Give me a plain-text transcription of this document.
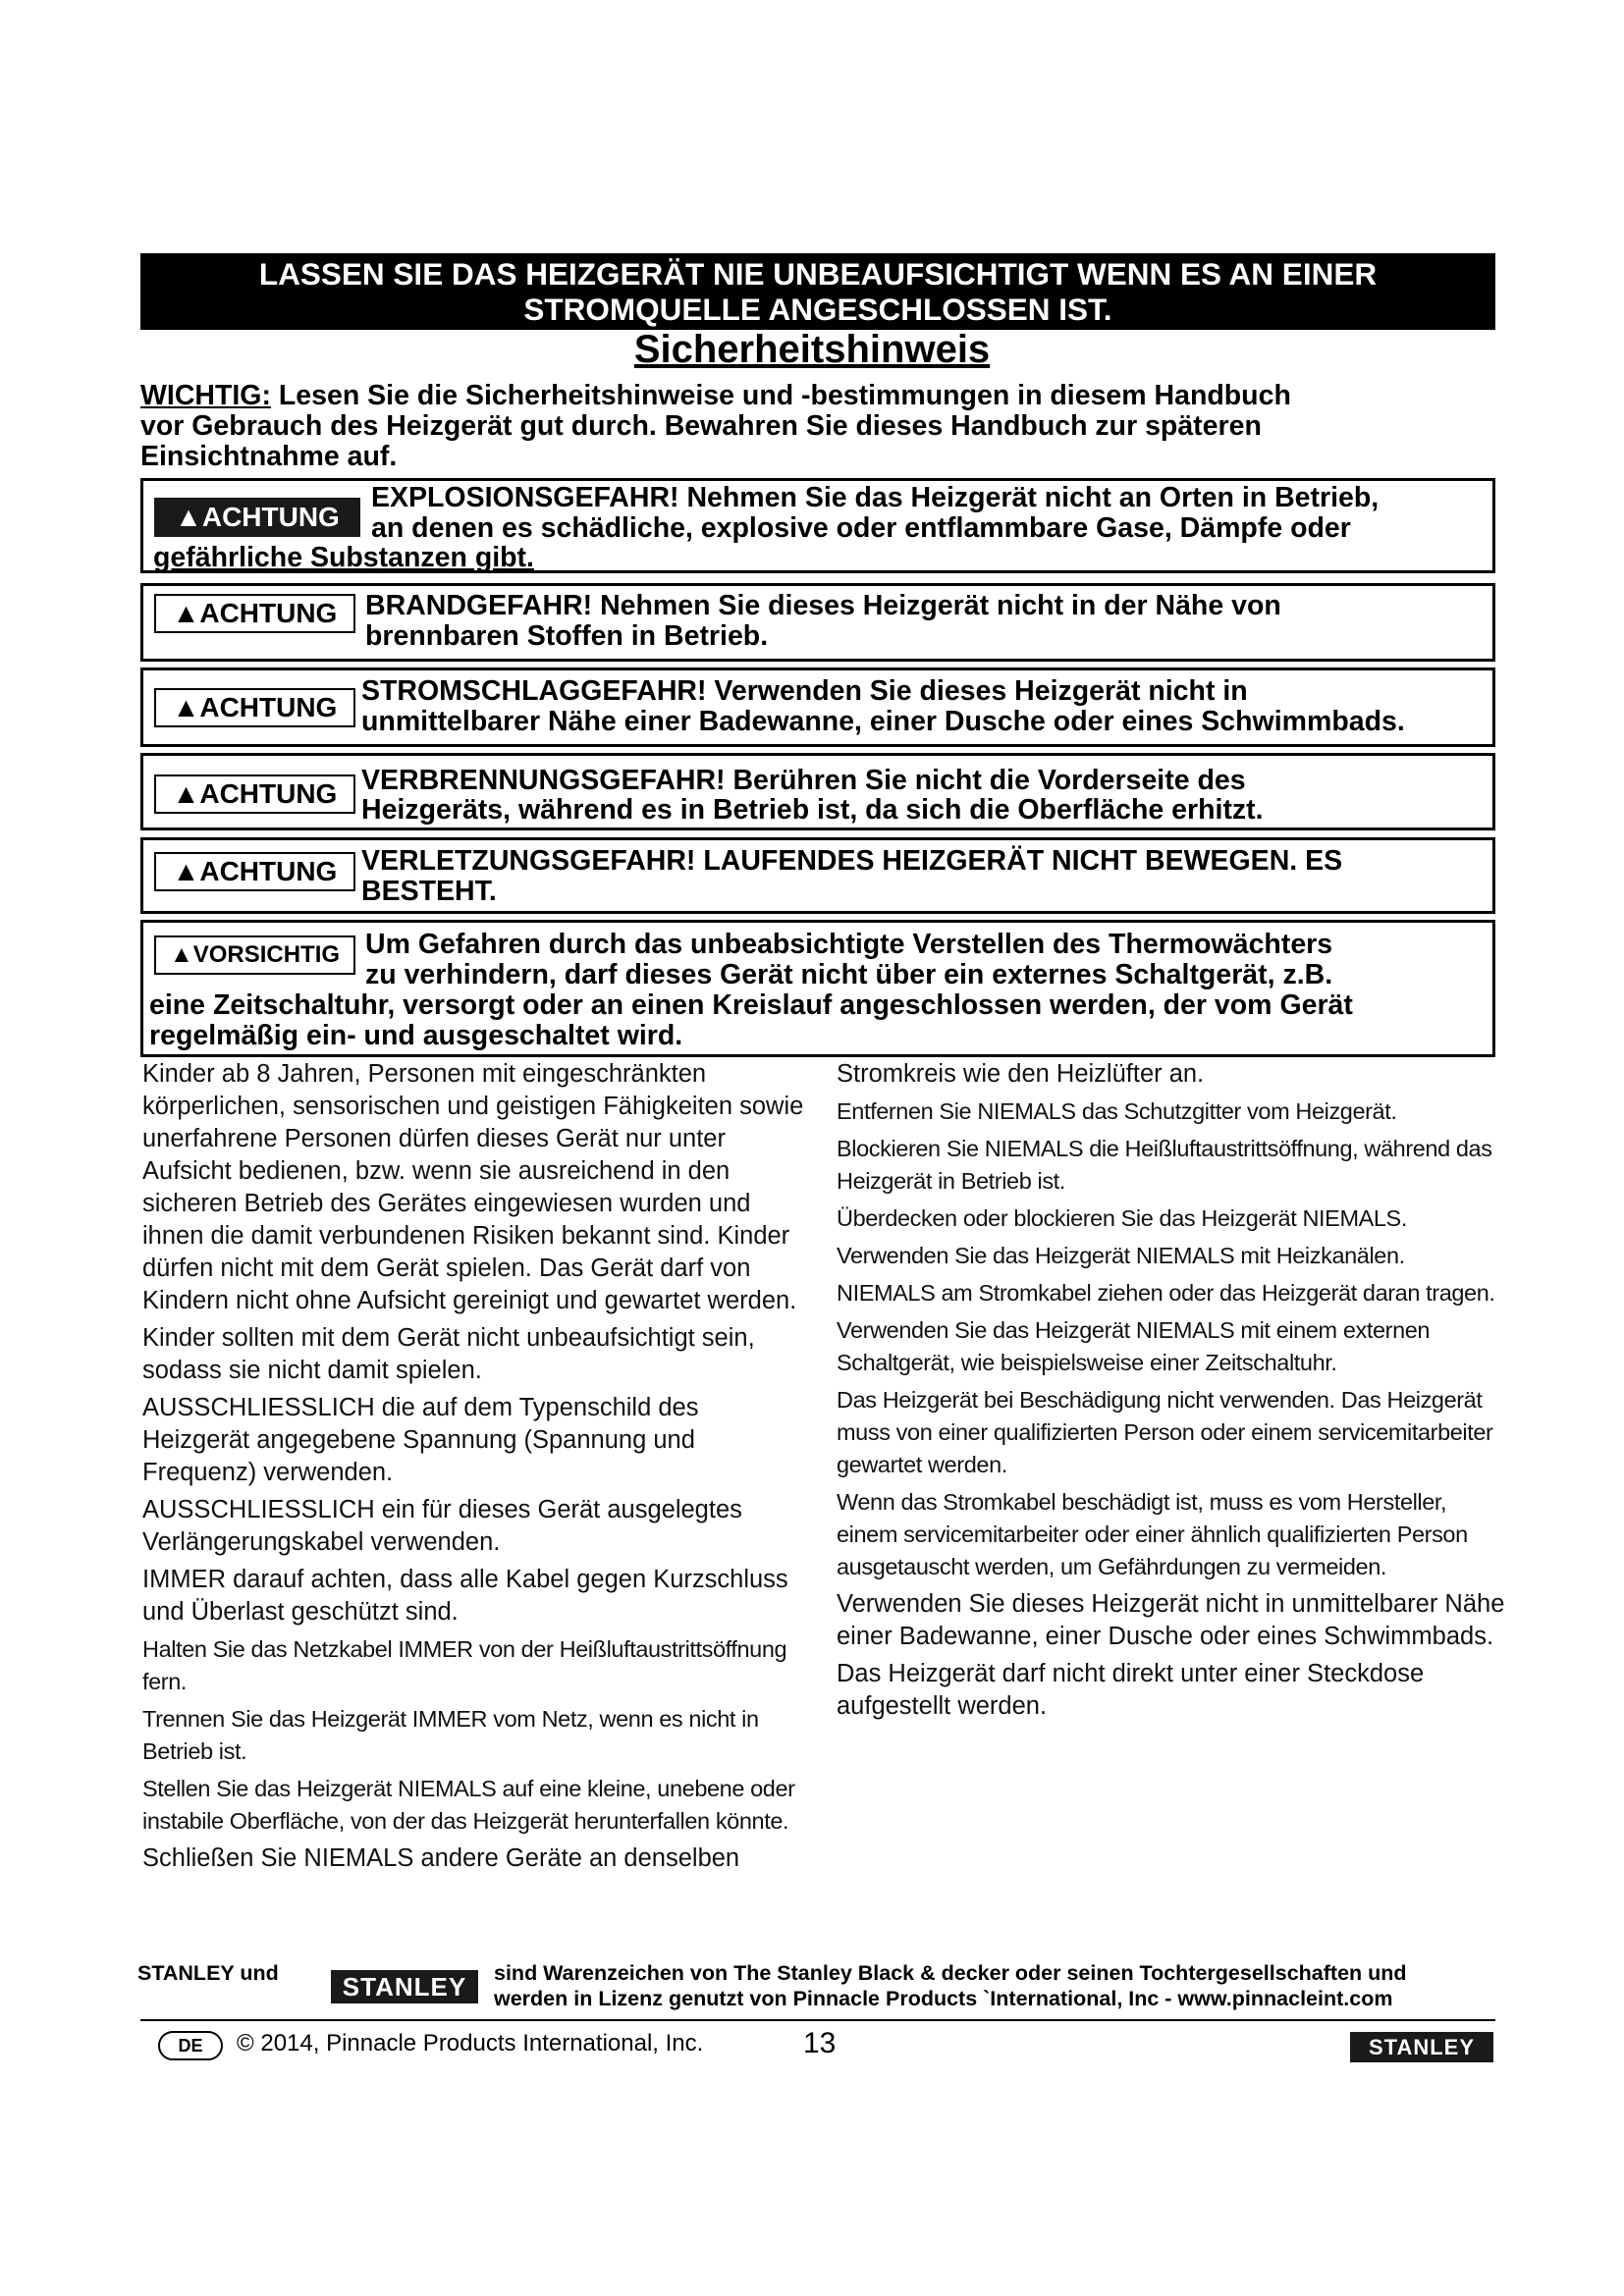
LASSEN SIE DAS HEIZGERÄT NIE UNBEAUFSICHTIGT WENN ES AN EINER
STROMQUELLE ANGESCHLOSSEN IST.
Sicherheitshinweis
WICHTIG: Lesen Sie die Sicherheitshinweise und -bestimmungen in diesem Handbuch
vor Gebrauch des Heizgerät gut durch. Bewahren Sie dieses Handbuch zur späteren
Einsichtnahme auf.
▲ACHTUNG
EXPLOSIONSGEFAHR! Nehmen Sie das Heizgerät nicht an Orten in Betrieb,
an denen es schädliche, explosive oder entflammbare Gase, Dämpfe oder
gefährliche Substanzen gibt.
▲ACHTUNG	BRANDGEFAHR! Nehmen Sie dieses Heizgerät nicht in der Nähe von
brennbaren Stoffen in Betrieb.
▲ACHTUNG
STROMSCHLAGGEFAHR! Verwenden Sie dieses Heizgerät nicht in
unmittelbarer Nähe einer Badewanne, einer Dusche oder eines Schwimmbads.
▲ACHTUNG VERBRENNUNGSGEFAHR! Berühren Sie nicht die Vorderseite des
Heizgeräts, während es in Betrieb ist, da sich die Oberfläche erhitzt.
▲ACHTUNG VERLETZUNGSGEFAHR! LAUFENDES HEIZGERÄT NICHT BEWEGEN. ES
BESTEHT.
▲VORSICHTIG Um Gefahren durch das unbeabsichtigte Verstellen des Thermowächters
zu verhindern, darf dieses Gerät nicht über ein externes Schaltgerät, z.B.
eine Zeitschaltuhr, versorgt oder an einen Kreislauf angeschlossen werden, der vom Gerät
regelmäßig ein- und ausgeschaltet wird.

Kinder ab 8 Jahren, Personen mit eingeschränkten körperlichen, sensorischen und geistigen Fähigkeiten sowie unerfahrene Personen dürfen dieses Gerät nur unter Aufsicht bedienen, bzw. wenn sie ausreichend in den sicheren Betrieb des Gerätes eingewiesen wurden und ihnen die damit verbundenen Risiken bekannt sind. Kinder dürfen nicht mit dem Gerät spielen. Das Gerät darf von Kindern nicht ohne Aufsicht gereinigt und gewartet werden.

Kinder sollten mit dem Gerät nicht unbeaufsichtigt sein, sodass sie nicht damit spielen.

AUSSCHLIESSLICH die auf dem Typenschild des Heizgerät angegebene Spannung (Spannung und Frequenz) verwenden.

AUSSCHLIESSLICH ein für dieses Gerät ausgelegtes Verlängerungskabel verwenden.

IMMER darauf achten, dass alle Kabel gegen Kurzschluss und Überlast geschützt sind.

Halten Sie das Netzkabel IMMER von der Heißluftaustrittsöffnung fern.

Trennen Sie das Heizgerät IMMER vom Netz, wenn es nicht in Betrieb ist.

Stellen Sie das Heizgerät NIEMALS auf eine kleine, unebene oder instabile Oberfläche, von der das Heizgerät herunterfallen könnte.

Schließen Sie NIEMALS andere Geräte an denselben

Stromkreis wie den Heizlüfter an.

Entfernen Sie NIEMALS das Schutzgitter vom Heizgerät.

Blockieren Sie NIEMALS die Heißluftaustrittsöffnung, während das Heizgerät in Betrieb ist.

Überdecken oder blockieren Sie das Heizgerät NIEMALS.

Verwenden Sie das Heizgerät NIEMALS mit Heizkanälen.

NIEMALS am Stromkabel ziehen oder das Heizgerät daran tragen.

Verwenden Sie das Heizgerät NIEMALS mit einem externen Schaltgerät, wie beispielsweise einer Zeitschaltuhr.

Das Heizgerät bei Beschädigung nicht verwenden. Das Heizgerät muss von einer qualifizierten Person oder einem servicemitarbeiter gewartet werden.

Wenn das Stromkabel beschädigt ist, muss es vom Hersteller, einem servicemitarbeiter oder einer ähnlich qualifizierten Person ausgetauscht werden, um Gefährdungen zu vermeiden.

Verwenden Sie dieses Heizgerät nicht in unmittelbarer Nähe einer Badewanne, einer Dusche oder eines Schwimmbads.

Das Heizgerät darf nicht direkt unter einer Steckdose aufgestellt werden.

STANLEY und	STANLEY	sind Warenzeichen von The Stanley Black & decker oder seinen Tochtergesellschaften und
werden in Lizenz genutzt von Pinnacle Products `International, Inc - www.pinnacleint.com
DE	© 2014, Pinnacle Products International, Inc.	13	STANLEY
